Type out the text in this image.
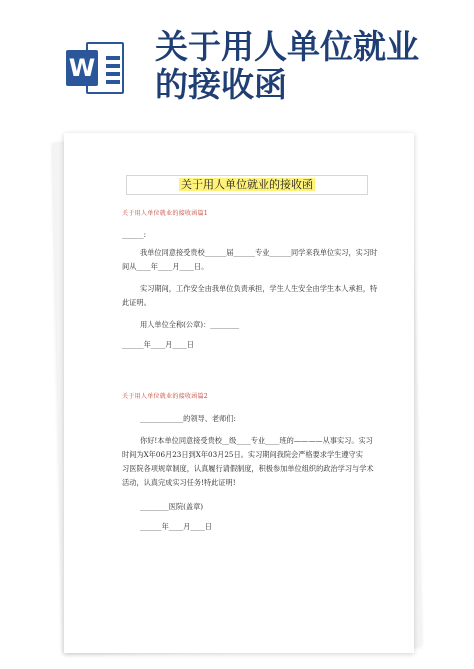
W
关于用人单位就业
的接收函
关于用人单位就业的接收函
关于用人单位就业的接收函篇1
______:
我单位同意接受贵校______届______专业______同学来我单位实习，实习时
间从____年____月____日。
实习期间，工作安全由我单位负责承担，学生人生安全由学生本人承担，特
此证明。
用人单位全称(公章)：________
______年____月____日
关于用人单位就业的接收函篇2
____________的领导、老师们:
你好!本单位同意接受贵校__级____专业____班的————从事实习。实习
时间为X年06月23日到X年03月25日。实习期间我院会严格要求学生遵守实
习医院各项规章制度，认真履行请假制度，积极参加单位组织的政治学习与学术
活动，认真完成实习任务!特此证明!
________医院(盖章)
______年____月____日
